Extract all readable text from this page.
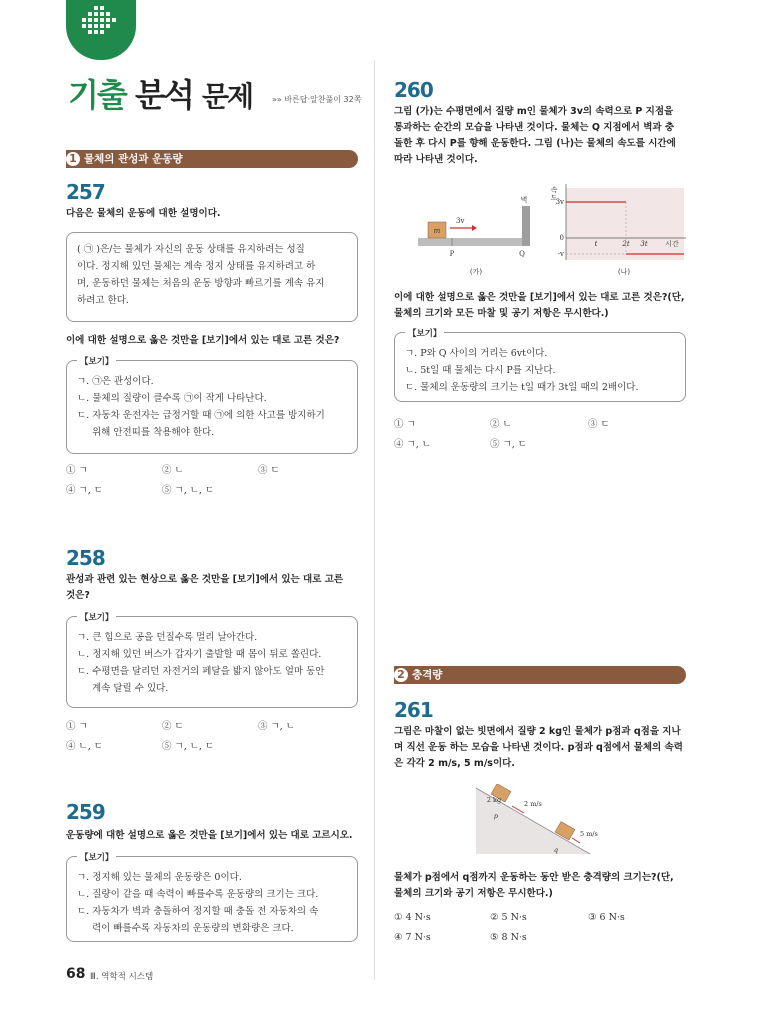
기출 분석 문제 »» 바른답·알찬풀이 32쪽
1 물체의 관성과 운동량
257
다음은 물체의 운동에 대한 설명이다.
( ㉠ )은/는 물체가 자신의 운동 상태를 유지하려는 성질
이다. 정지해 있던 물체는 계속 정지 상태를 유지하려고 하
며, 운동하던 물체는 처음의 운동 방향과 빠르기를 계속 유지
하려고 한다.
이에 대한 설명으로 옳은 것만을 [보기]에서 있는 대로 고른 것은?
【보기】
ㄱ. ㉠은 관성이다.
ㄴ. 물체의 질량이 클수록 ㉠이 작게 나타난다.
ㄷ. 자동차 운전자는 급정거할 때 ㉠에 의한 사고를 방지하기
위해 안전띠를 착용해야 한다.
① ㄱ	② ㄴ	③ ㄷ
④ ㄱ, ㄷ	⑤ ㄱ, ㄴ, ㄷ
258
관성과 관련 있는 현상으로 옳은 것만을 [보기]에서 있는 대로 고른
것은?
【보기】
ㄱ. 큰 힘으로 공을 던질수록 멀리 날아간다.
ㄴ. 정지해 있던 버스가 갑자기 출발할 때 몸이 뒤로 쏠린다.
ㄷ. 수평면을 달리던 자전거의 페달을 밟지 않아도 얼마 동안
계속 달릴 수 있다.
① ㄱ	② ㄷ	③ ㄱ, ㄴ
④ ㄴ, ㄷ	⑤ ㄱ, ㄴ, ㄷ
259
운동량에 대한 설명으로 옳은 것만을 [보기]에서 있는 대로 고르시오.
【보기】
ㄱ. 정지해 있는 물체의 운동량은 0이다.
ㄴ. 질량이 같을 때 속력이 빠를수록 운동량의 크기는 크다.
ㄷ. 자동차가 벽과 충돌하여 정지할 때 충돌 전 자동차의 속
력이 빠를수록 자동차의 운동량의 변화량은 크다.
68 Ⅲ. 역학적 시스템
260
그림 (가)는 수평면에서 질량 m인 물체가 3v의 속력으로 P 지점을
통과하는 순간의 모습을 나타낸 것이다. 물체는 Q 지점에서 벽과 충
돌한 후 다시 P를 향해 운동한다. 그림 (나)는 물체의 속도를 시간에
따라 나타낸 것이다.
m
3v
벽
P	Q
(가)
속
도
3v
0
-v
t	2t 3t	시간
(나)
이에 대한 설명으로 옳은 것만을 [보기]에서 있는 대로 고른 것은?(단,
물체의 크기와 모든 마찰 및 공기 저항은 무시한다.)
【보기】
ㄱ. P와 Q 사이의 거리는 6vt이다.
ㄴ. 5t일 때 물체는 다시 P를 지난다.
ㄷ. 물체의 운동량의 크기는 t일 때가 3t일 때의 2배이다.
① ㄱ	② ㄴ	③ ㄷ
④ ㄱ, ㄴ	⑤ ㄱ, ㄷ
2 충격량
261
그림은 마찰이 없는 빗면에서 질량 2 kg인 물체가 p점과 q점을 지나
며 직선 운동 하는 모습을 나타낸 것이다. p점과 q점에서 물체의 속력
은 각각 2 m/s, 5 m/s이다.
2 kg	2 m/s
p
5 m/s
q
물체가 p점에서 q점까지 운동하는 동안 받은 충격량의 크기는?(단,
물체의 크기와 공기 저항은 무시한다.)
① 4 N·s	② 5 N·s	③ 6 N·s
④ 7 N·s	⑤ 8 N·s
